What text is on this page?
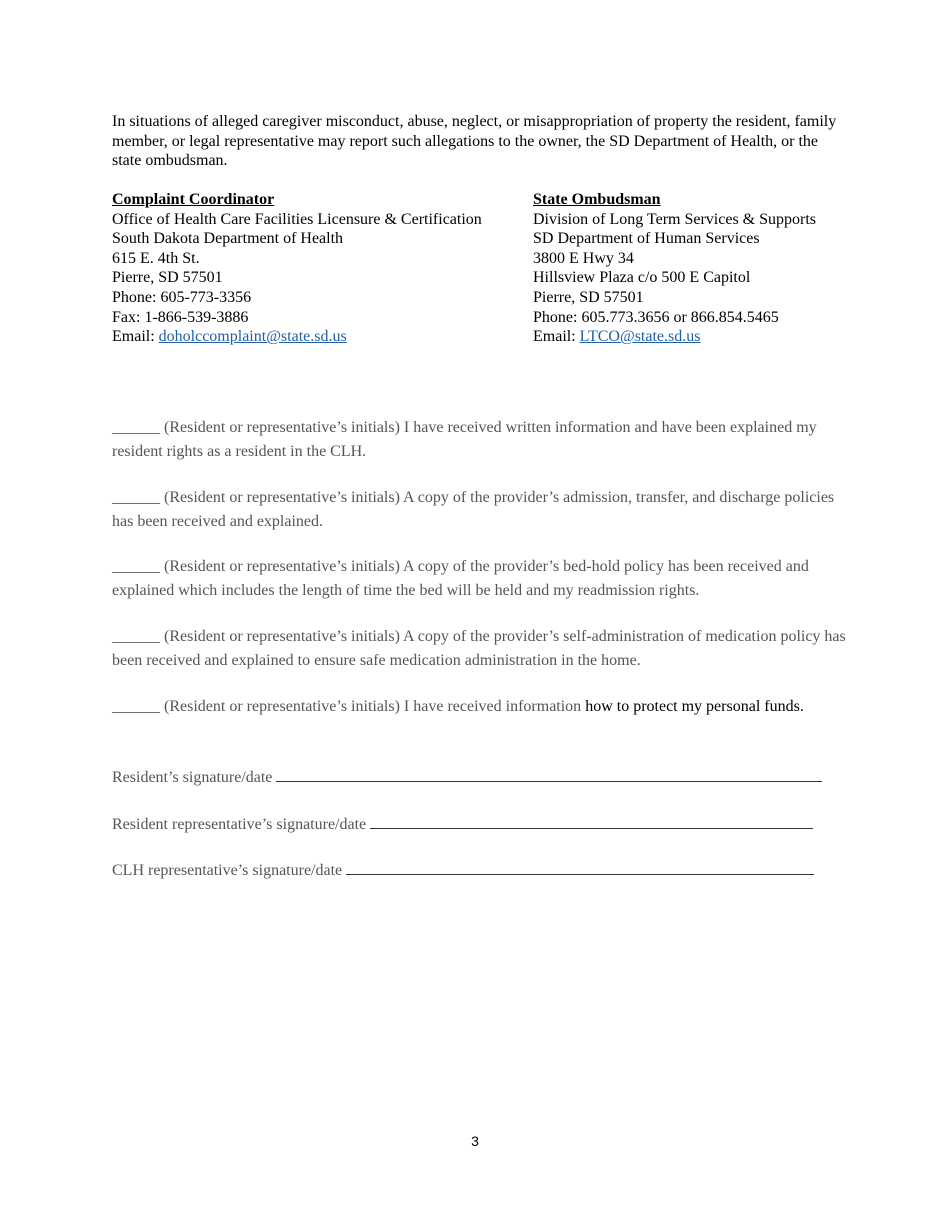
In situations of alleged caregiver misconduct, abuse, neglect, or misappropriation of property the resident, family member, or legal representative may report such allegations to the owner, the SD Department of Health, or the state ombudsman.

Complaint Coordinator
Office of Health Care Facilities Licensure & Certification
South Dakota Department of Health
615 E. 4th St.
Pierre, SD 57501
Phone: 605-773-3356
Fax: 1-866-539-3886
Email: doholccomplaint@state.sd.us
State Ombudsman
Division of Long Term Services & Supports
SD Department of Human Services
3800 E Hwy 34
Hillsview Plaza c/o 500 E Capitol
Pierre, SD 57501
Phone: 605.773.3656 or 866.854.5465
Email: LTCO@state.sd.us

______ (Resident or representative’s initials) I have received written information and have been explained my resident rights as a resident in the CLH.

______ (Resident or representative’s initials) A copy of the provider’s admission, transfer, and discharge policies has been received and explained.

______ (Resident or representative’s initials) A copy of the provider’s bed-hold policy has been received and explained which includes the length of time the bed will be held and my readmission rights.

______ (Resident or representative’s initials) A copy of the provider’s self-administration of medication policy has been received and explained to ensure safe medication administration in the home.

______ (Resident or representative’s initials) I have received information how to protect my personal funds.

Resident’s signature/date
Resident representative’s signature/date
CLH representative’s signature/date
3
